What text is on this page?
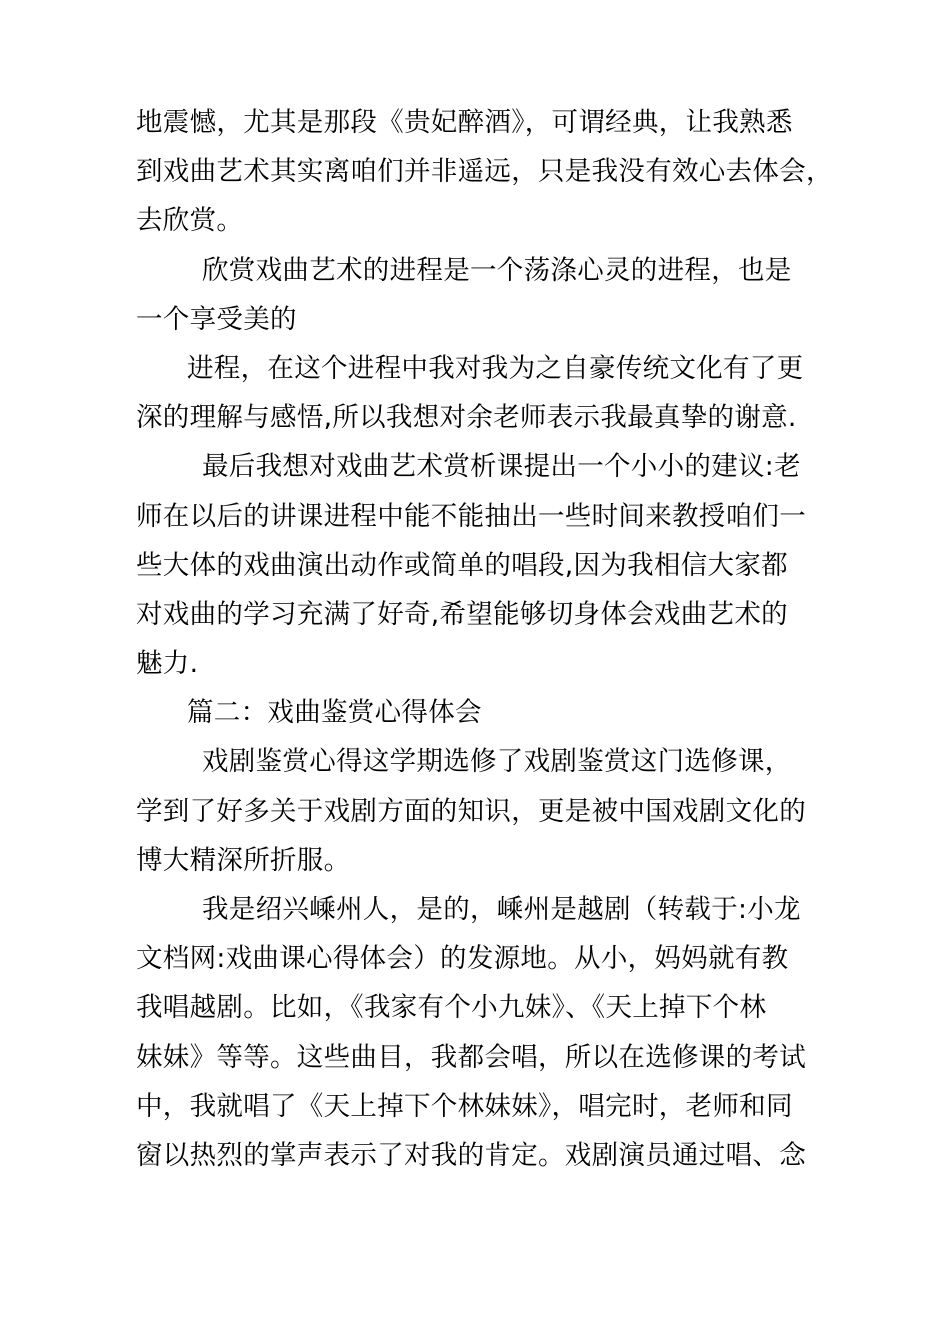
地震憾，尤其是那段《贵妃醉酒》，可谓经典，让我熟悉
到戏曲艺术其实离咱们并非遥远，只是我没有效心去体会，
去欣赏。
欣赏戏曲艺术的进程是一个荡涤心灵的进程，也是
一个享受美的
进程，在这个进程中我对我为之自豪传统文化有了更
深的理解与感悟,所以我想对余老师表示我最真挚的谢意.
最后我想对戏曲艺术赏析课提出一个小小的建议:老
师在以后的讲课进程中能不能抽出一些时间来教授咱们一
些大体的戏曲演出动作或简单的唱段,因为我相信大家都
对戏曲的学习充满了好奇,希望能够切身体会戏曲艺术的
魅力.
篇二：戏曲鉴赏心得体会
戏剧鉴赏心得这学期选修了戏剧鉴赏这门选修课，
学到了好多关于戏剧方面的知识，更是被中国戏剧文化的
博大精深所折服。
我是绍兴嵊州人，是的，嵊州是越剧（转载于:小龙
文档网:戏曲课心得体会）的发源地。从小，妈妈就有教
我唱越剧。比如，《我家有个小九妹》、《天上掉下个林
妹妹》等等。这些曲目，我都会唱，所以在选修课的考试
中，我就唱了《天上掉下个林妹妹》，唱完时，老师和同
窗以热烈的掌声表示了对我的肯定。戏剧演员通过唱、念
